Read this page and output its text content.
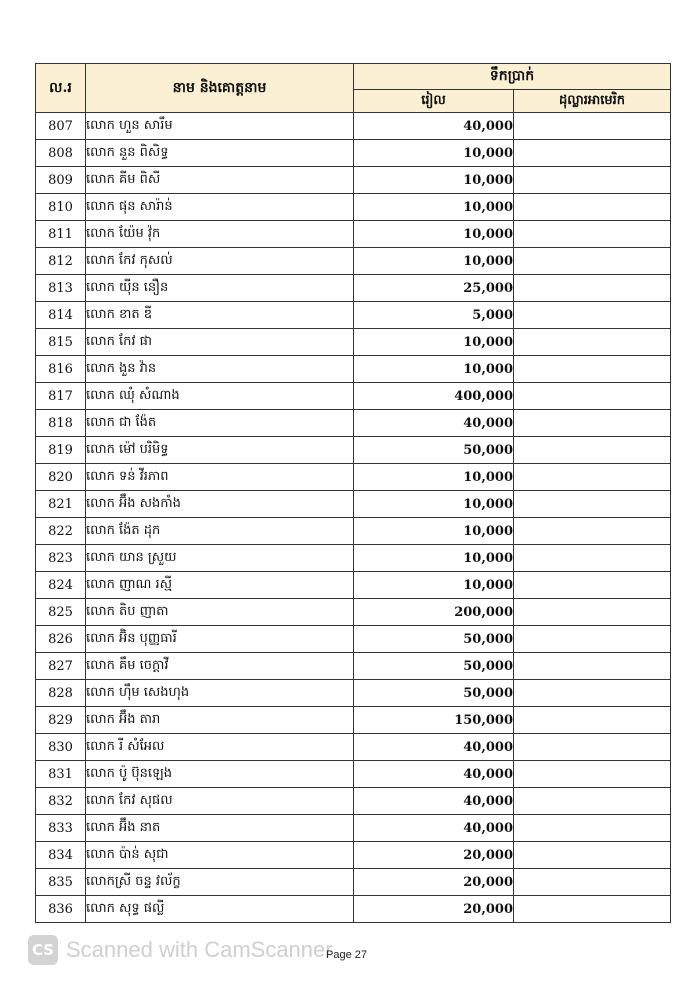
ល.រ	នាម និងគោត្តនាម	ទឹកប្រាក់	
		រៀល	ដុល្លារអាមេរិក
807	លោក ហួន សារឹម	40,000	
808	លោក នួន ពិសិទ្ធ	10,000	
809	លោក គីម ពិសី	10,000	
810	លោក ផុន សារ៉ាន់	10,000	
811	លោក យ៉ែម វ៉ុក	10,000	
812	លោក កែវ កុសល់	10,000	
813	លោក យ៉ីន នឿន	25,000	
814	លោក ខាត ឌី	5,000	
815	លោក កែវ ផា	10,000	
816	លោក ងួន វ៉ាន	10,000	
817	លោក ឈុំ សំណាង	400,000	
818	លោក ជា ង៉ែត	40,000	
819	លោក ម៉ៅ បរិមិទ្ធ	50,000	
820	លោក ទន់ វីរភាព	10,000	
821	លោក អ៊ឹង សងកាំង	10,000	
822	លោក ង៉ែត ដុក	10,000	
823	លោក យាន ស្រួយ	10,000	
824	លោក ញាណ រស្មី	10,000	
825	លោក តិប ញាតា	200,000	
826	លោក អ៊ិន បុញ្ញធារី	50,000	
827	លោក គឹម ចេក្តាវី	50,000	
828	លោក ហ៊ឹម សេងហុង	50,000	
829	លោក អ៊ឹង តារា	150,000	
830	លោក រី សំអែល	40,000	
831	លោក ប៉ូ ប៊ុនឡេង	40,000	
832	លោក កែវ សុផល	40,000	
833	លោក អ៊ឹង នាត	40,000	
834	លោក ប៉ាន់ សុជា	20,000	
835	លោកស្រី ចន្ទ វល័ក្ខ	20,000	
836	លោក សុទ្ធ ផល្លី	20,000	
CS Scanned with CamScanner
Page 27
